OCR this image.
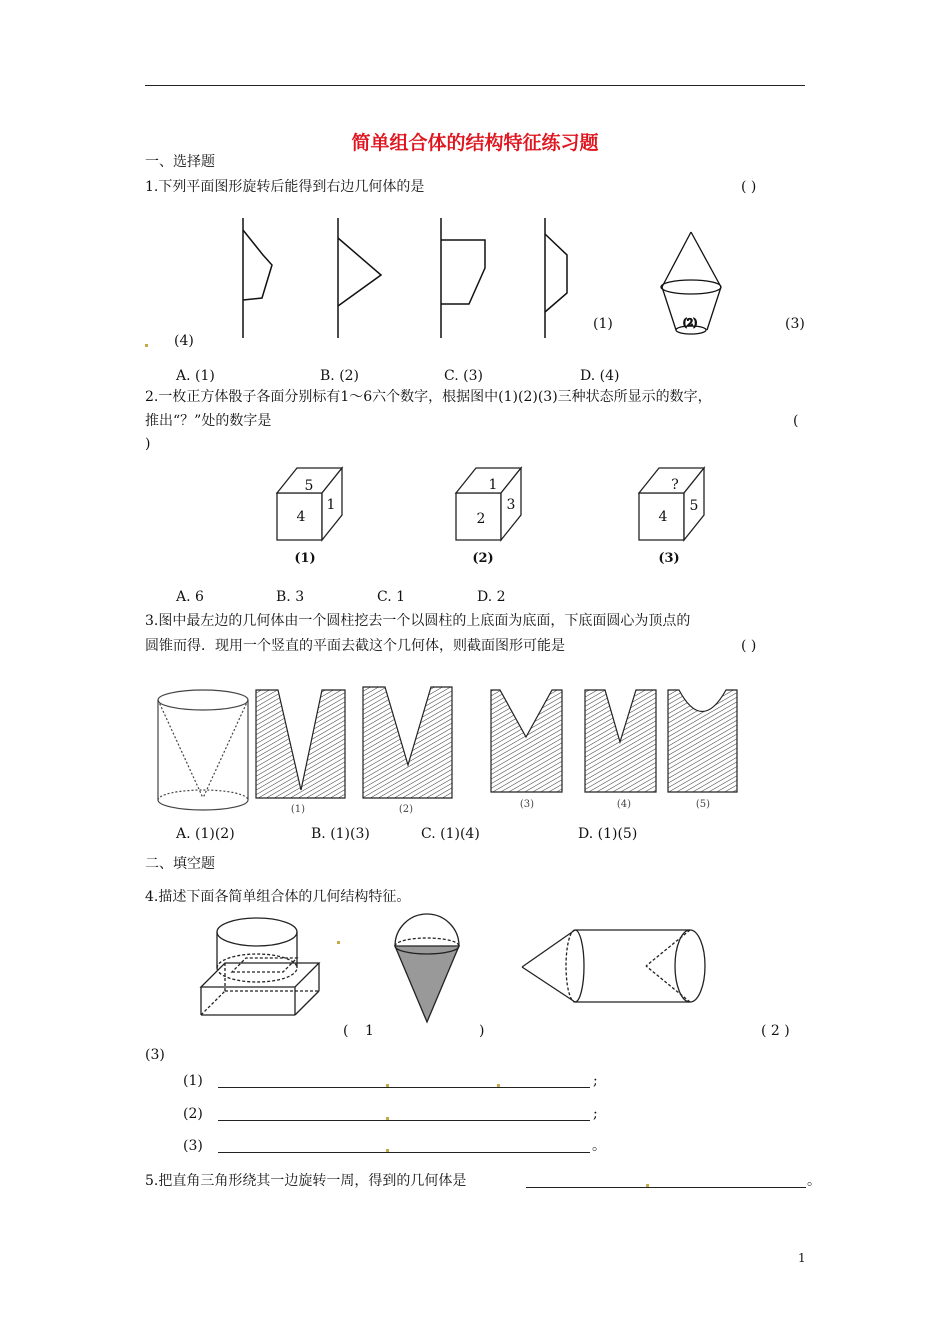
简单组合体的结构特征练习题
一、选择题
1.下列平面图形旋转后能得到右边几何体的是	( )
(2)
(1)	(3)
(4)
A. (1)	B. (2)	C. (3)	D. (4)
2.一枚正方体骰子各面分别标有1～6六个数字，根据图中(1)(2)(3)三种状态所显示的数字，
推出“？”处的数字是	(
)
5
4
1
(1)
1
2
3
(2)
?
4
5
(3)
A. 6	B. 3	C. 1	D. 2
3.图中最左边的几何体由一个圆柱挖去一个以圆柱的上底面为底面，下底面圆心为顶点的
圆锥而得．现用一个竖直的平面去截这个几何体，则截面图形可能是	( )
(1)	(2)	(3)	(4)	(5)
A. (1)(2)	B. (1)(3)	C. (1)(4)	D. (1)(5)
二、填空题
4.描述下面各简单组合体的几何结构特征。
( 1	)	( 2 )
(3)
(1)	;
(2)	;
(3)	。
5.把直角三角形绕其一边旋转一周，得到的几何体是	。
1
